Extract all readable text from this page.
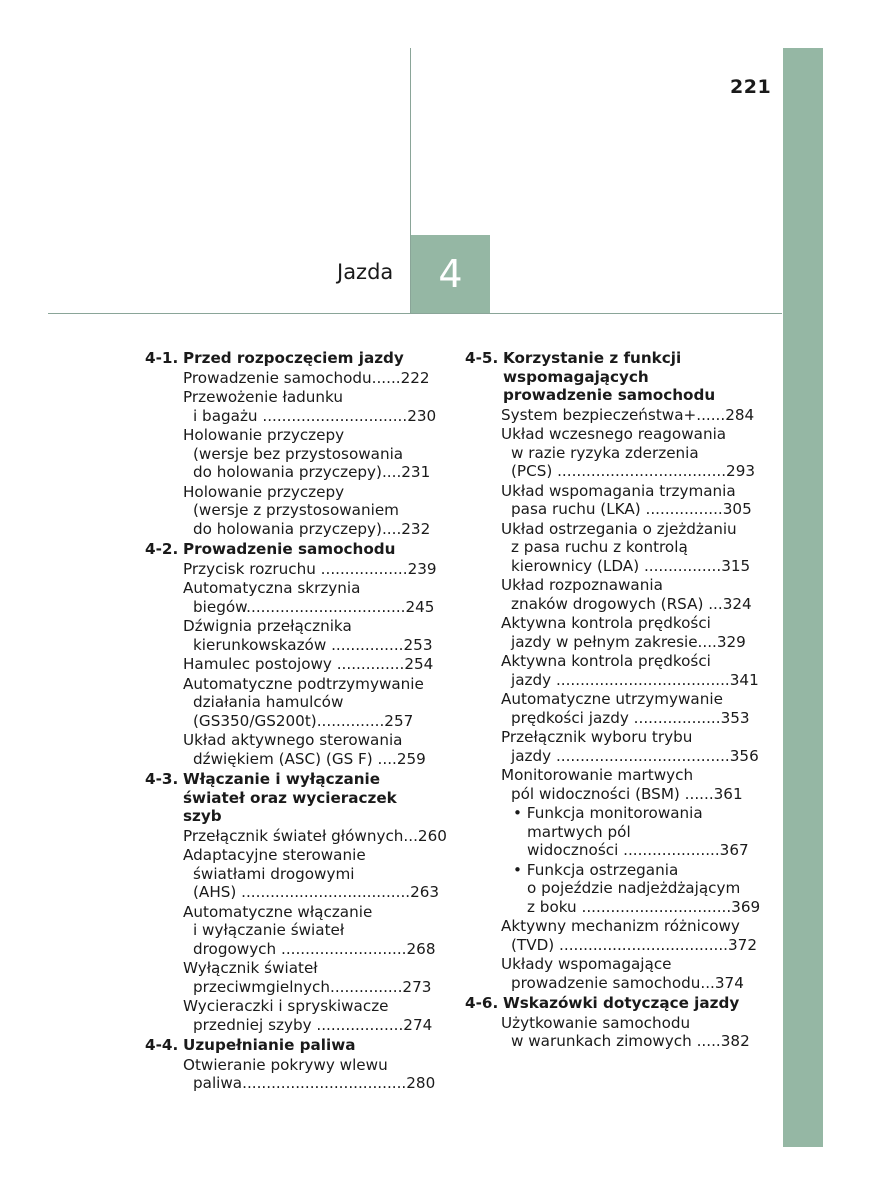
221
Jazda 4
4-1. Przed rozpoczęciem jazdy
Prowadzenie samochodu......222
Przewożenie ładunku
i bagażu ..............................230
Holowanie przyczepy
(wersje bez przystosowania
do holowania przyczepy)....231
Holowanie przyczepy
(wersje z przystosowaniem
do holowania przyczepy)....232
4-2. Prowadzenie samochodu
Przycisk rozruchu ..................239
Automatyczna skrzynia
biegów.................................245
Dźwignia przełącznika
kierunkowskazów ...............253
Hamulec postojowy ..............254
Automatyczne podtrzymywanie
działania hamulców
(GS350/GS200t)..............257
Układ aktywnego sterowania
dźwiękiem (ASC) (GS F) ....259
4-3. Włączanie i wyłączanie świateł oraz wycieraczek szyb
Przełącznik świateł głównych...260
Adaptacyjne sterowanie
światłami drogowymi
(AHS) ...................................263
Automatyczne włączanie
i wyłączanie świateł
drogowych ..........................268
Wyłącznik świateł
przeciwmgielnych...............273
Wycieraczki i spryskiwacze
przedniej szyby ..................274
4-4. Uzupełnianie paliwa
Otwieranie pokrywy wlewu
paliwa..................................280
4-5. Korzystanie z funkcji wspomagających prowadzenie samochodu
System bezpieczeństwa+......284
Układ wczesnego reagowania
w razie ryzyka zderzenia
(PCS) ...................................293
Układ wspomagania trzymania
pasa ruchu (LKA) ................305
Układ ostrzegania o zjeżdżaniu
z pasa ruchu z kontrolą
kierownicy (LDA) ................315
Układ rozpoznawania
znaków drogowych (RSA) ...324
Aktywna kontrola prędkości
jazdy w pełnym zakresie....329
Aktywna kontrola prędkości
jazdy ....................................341
Automatyczne utrzymywanie
prędkości jazdy ..................353
Przełącznik wyboru trybu
jazdy ....................................356
Monitorowanie martwych
pól widoczności (BSM) ......361
• Funkcja monitorowania
martwych pól
widoczności ....................367
• Funkcja ostrzegania
o pojeździe nadjeżdżającym
z boku ...............................369
Aktywny mechanizm różnicowy
(TVD) ...................................372
Układy wspomagające
prowadzenie samochodu...374
4-6. Wskazówki dotyczące jazdy
Użytkowanie samochodu
w warunkach zimowych .....382
